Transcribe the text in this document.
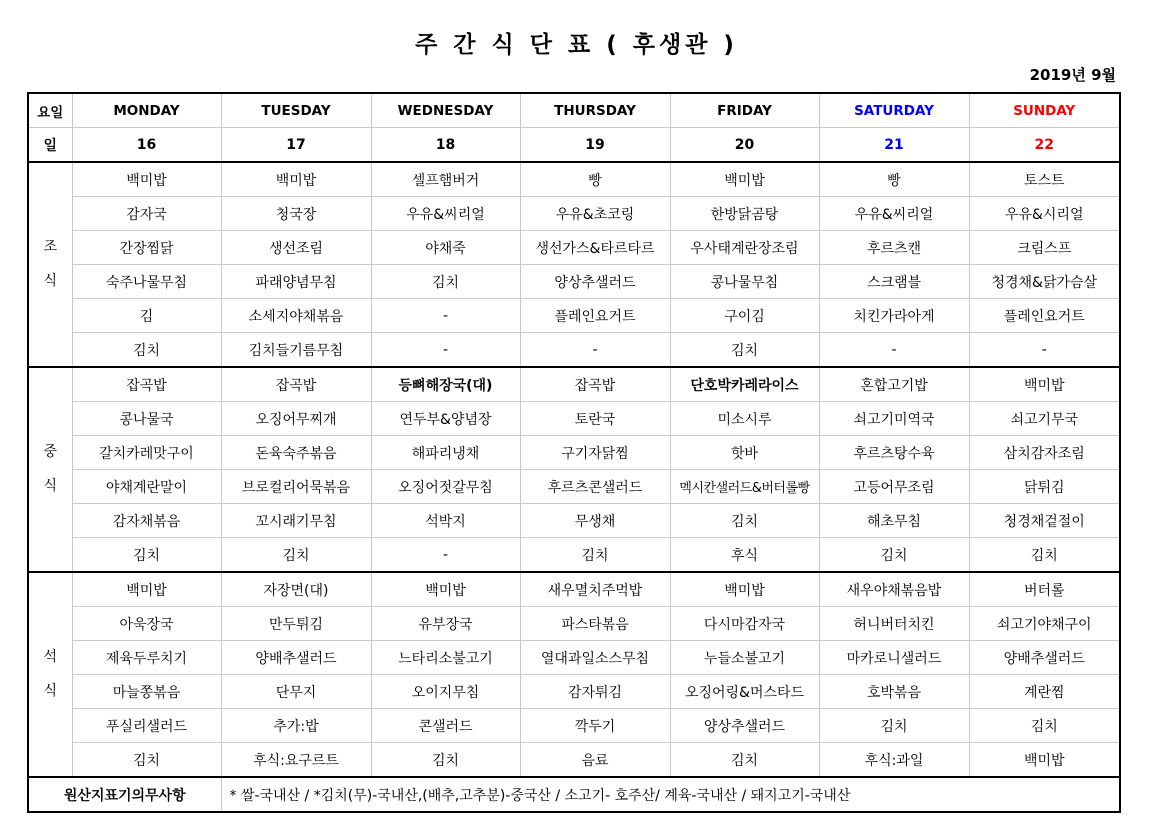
주 간 식 단 표 ( 후생관 )
2019년 9월
요일	MONDAY	TUESDAY	WEDNESDAY	THURSDAY	FRIDAY	SATURDAY	SUNDAY
일	16	17	18	19	20	21	22
조

식	백미밥	백미밥	셀프햄버거	빵	백미밥	빵	토스트
	감자국	청국장	우유&씨리얼	우유&초코링	한방닭곰탕	우유&씨리얼	우유&시리얼
	간장찜닭	생선조림	야채죽	생선가스&타르타르	우사태계란장조림	후르츠캔	크림스프
	숙주나물무침	파래양념무침	김치	양상추샐러드	콩나물무침	스크램블	청경채&닭가슴살
	김	소세지야채볶음	-	플레인요거트	구이김	치킨가라아게	플레인요거트
	김치	김치들기름무침	-	-	김치	-	-
중

식	잡곡밥	잡곡밥	등뼈해장국(대)	잡곡밥	단호박카레라이스	혼합고기밥	백미밥
	콩나물국	오징어무찌개	연두부&양념장	토란국	미소시루	쇠고기미역국	쇠고기무국
	갈치카레맛구이	돈육숙주볶음	해파리냉채	구기자닭찜	핫바	후르츠탕수육	삼치감자조림
	야채계란말이	브로컬리어묵볶음	오징어젓갈무침	후르츠콘샐러드	멕시칸샐러드&버터롤빵	고등어무조림	닭튀김
	감자채볶음	꼬시래기무침	석박지	무생채	김치	해초무침	청경채겉절이
	김치	김치	-	김치	후식	김치	김치
석

식	백미밥	자장면(대)	백미밥	새우멸치주먹밥	백미밥	새우야채볶음밥	버터롤
	아욱장국	만두튀김	유부장국	파스타볶음	다시마감자국	허니버터치킨	쇠고기야채구이
	제육두루치기	양배추샐러드	느타리소불고기	열대과일소스무침	누들소불고기	마카로니샐러드	양배추샐러드
	마늘쫑볶음	단무지	오이지무침	감자튀김	오징어링&머스타드	호박볶음	계란찜
	푸실리샐러드	추가:밥	콘샐러드	깍두기	양상추샐러드	김치	김치
	김치	후식:요구르트	김치	음료	김치	후식:과일	백미밥
원산지표기의무사항		* 쌀-국내산 / *김치(무)-국내산,(배추,고추분)-중국산 / 소고기- 호주산/ 계육-국내산 / 돼지고기-국내산					
